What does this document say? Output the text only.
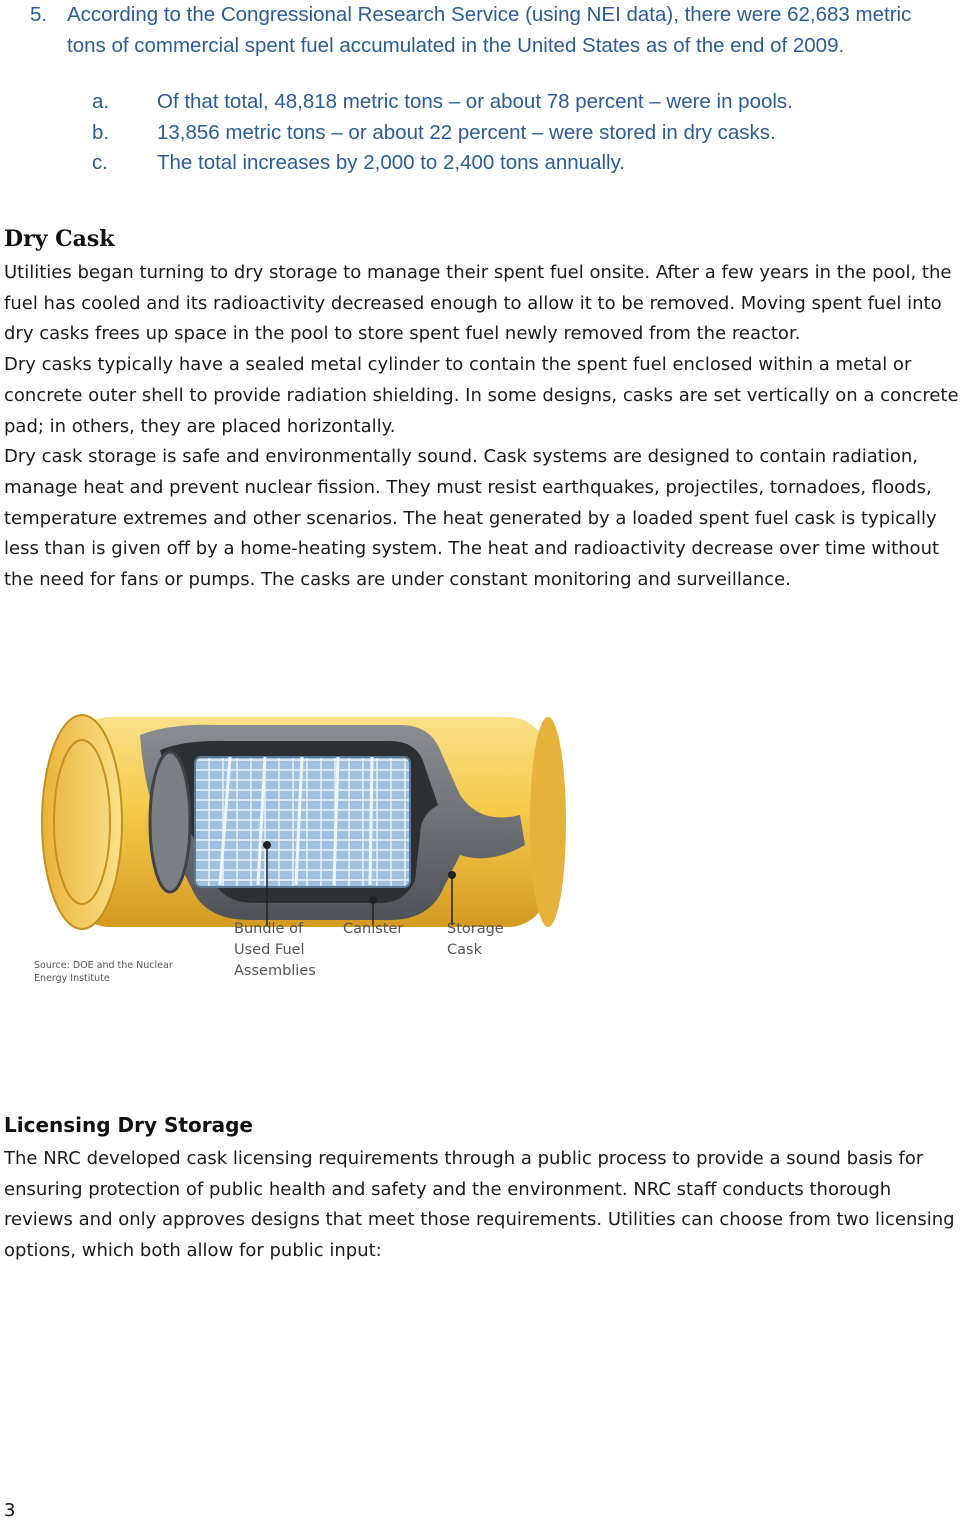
5. According to the Congressional Research Service (using NEI data), there were 62,683 metric tons of commercial spent fuel accumulated in the United States as of the end of 2009.
a. Of that total, 48,818 metric tons – or about 78 percent – were in pools.
b. 13,856 metric tons – or about 22 percent – were stored in dry casks.
c. The total increases by 2,000 to 2,400 tons annually.
Dry Cask

Utilities began turning to dry storage to manage their spent fuel onsite. After a few years in the pool, the fuel has cooled and its radioactivity decreased enough to allow it to be removed. Moving spent fuel into dry casks frees up space in the pool to store spent fuel newly removed from the reactor.

Dry casks typically have a sealed metal cylinder to contain the spent fuel enclosed within a metal or concrete outer shell to provide radiation shielding. In some designs, casks are set vertically on a concrete pad; in others, they are placed horizontally.

Dry cask storage is safe and environmentally sound. Cask systems are designed to contain radiation, manage heat and prevent nuclear fission. They must resist earthquakes, projectiles, tornadoes, floods, temperature extremes and other scenarios. The heat generated by a loaded spent fuel cask is typically less than is given off by a home-heating system. The heat and radioactivity decrease over time without the need for fans or pumps. The casks are under constant monitoring and surveillance.

Bundle of
Used Fuel
Assemblies
Canister	Storage
Cask
Source: DOE and the Nuclear
Energy Institute
Licensing Dry Storage

The NRC developed cask licensing requirements through a public process to provide a sound basis for ensuring protection of public health and safety and the environment. NRC staff conducts thorough reviews and only approves designs that meet those requirements. Utilities can choose from two licensing options, which both allow for public input:

3
